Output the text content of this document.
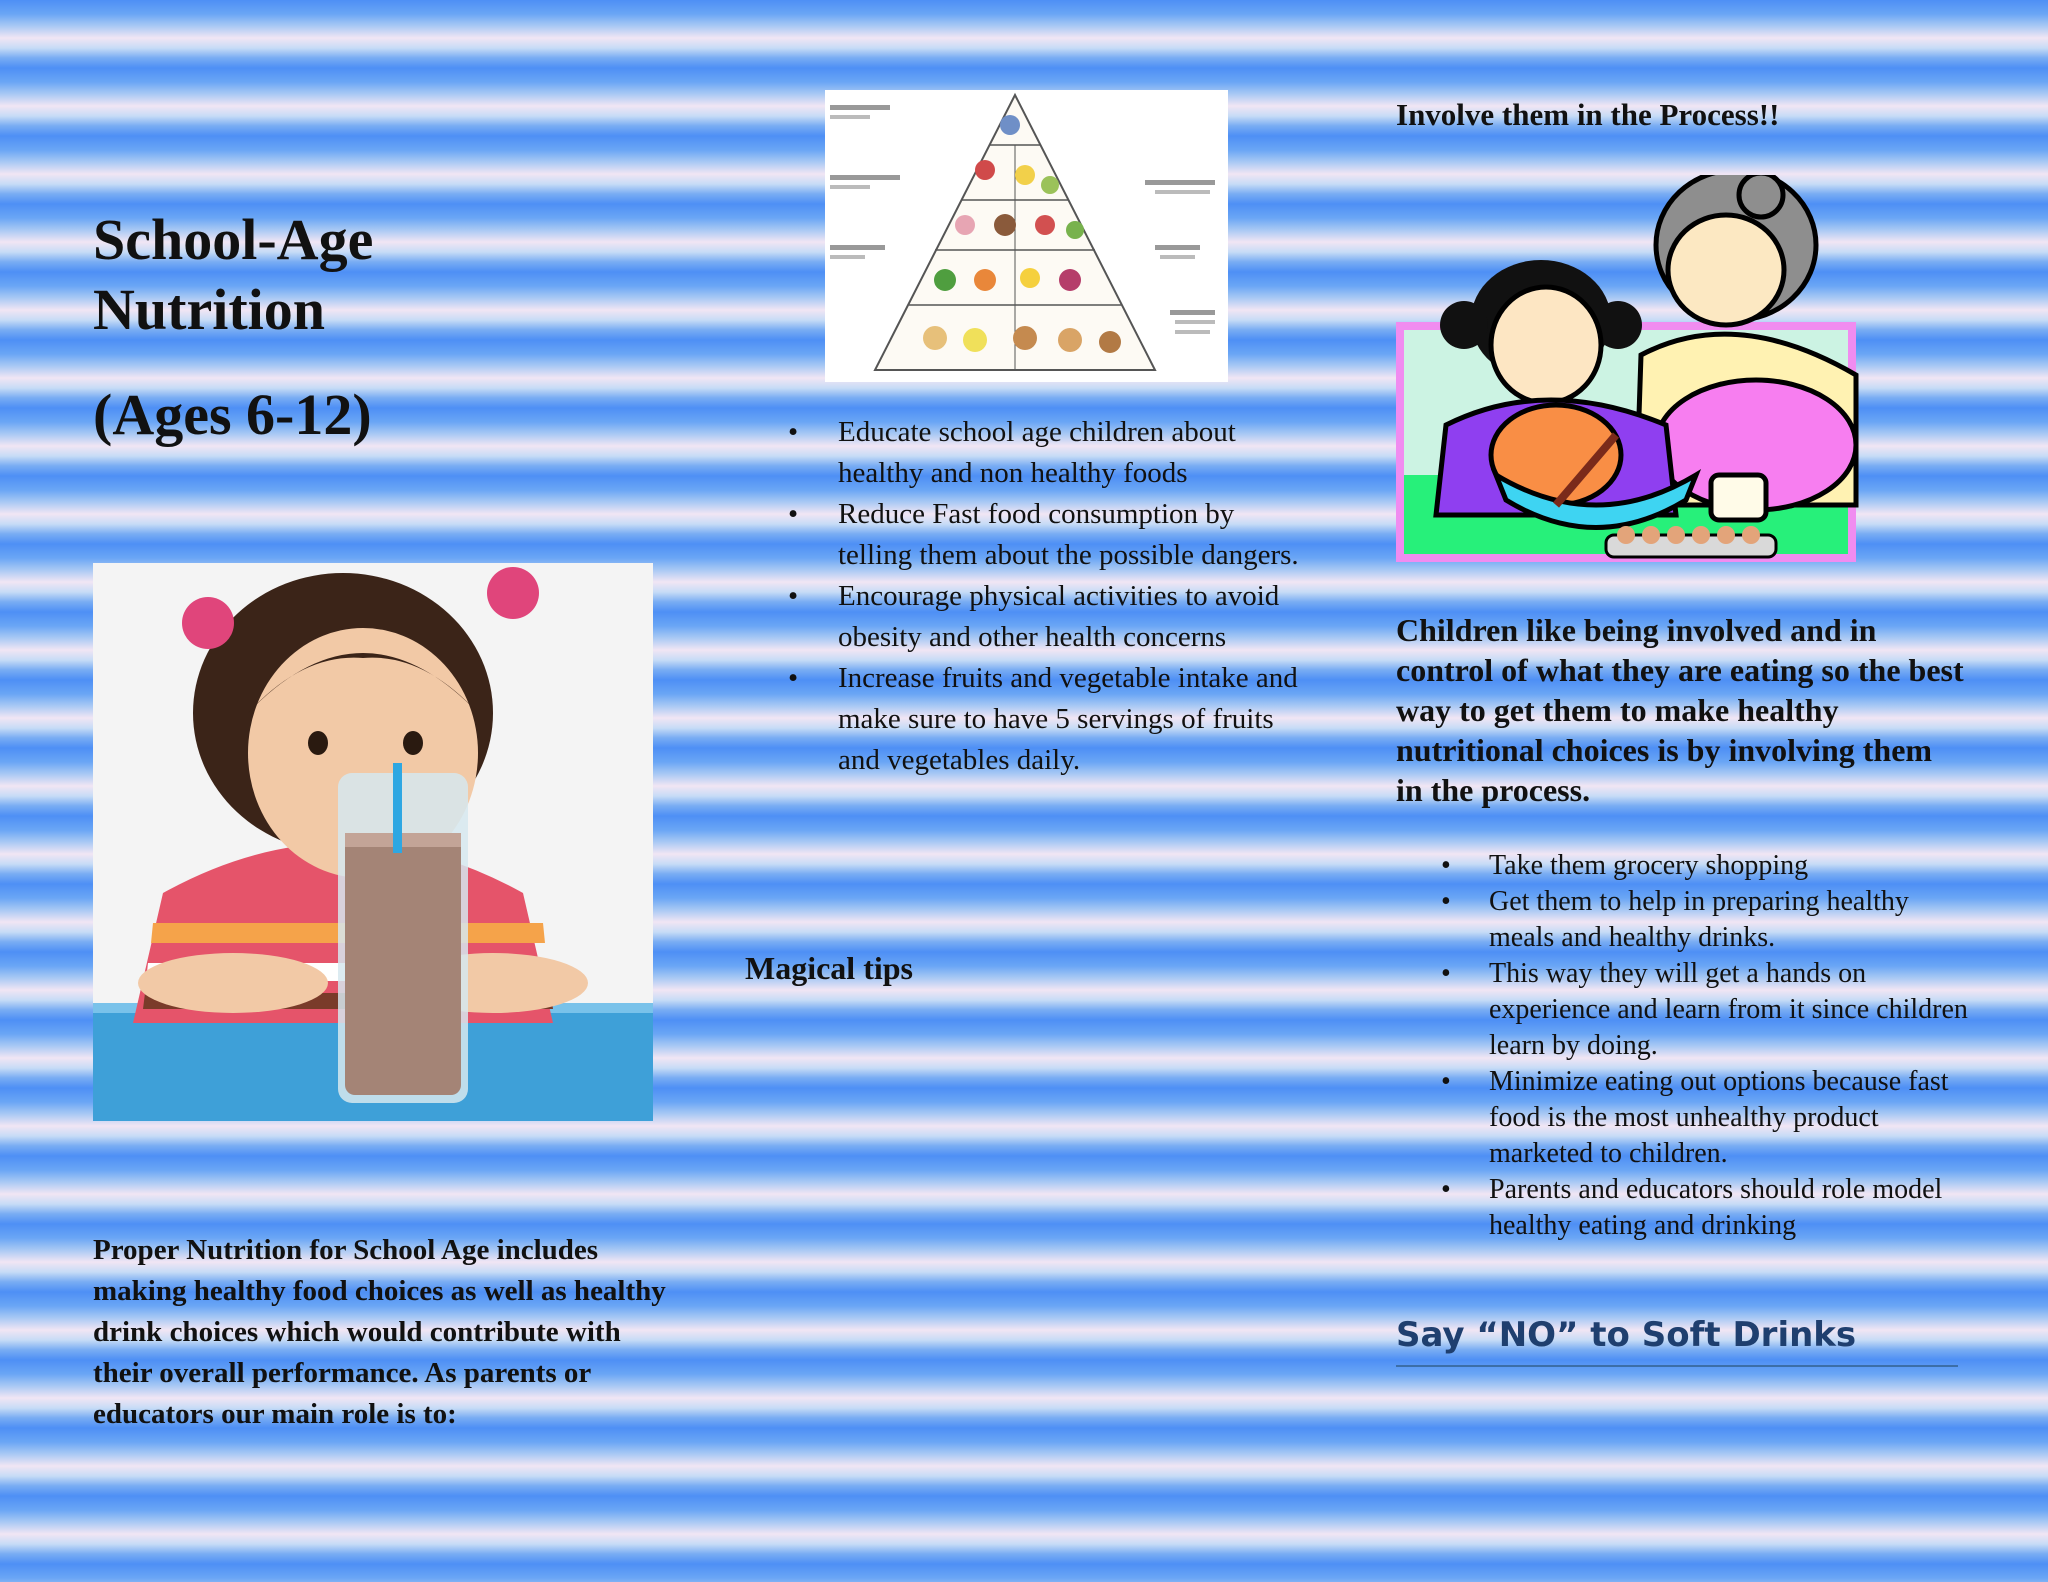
School-Age
Nutrition
(Ages 6-12)

Proper Nutrition for School Age includes making healthy food choices as well as healthy drink choices which would contribute with their overall performance. As parents or educators our main role is to:

• Educate school age children about healthy and non healthy foods
• Reduce Fast food consumption by telling them about the possible dangers.
• Encourage physical activities to avoid obesity and other health concerns
• Increase fruits and vegetable intake and make sure to have 5 servings of fruits and vegetables daily.
Magical tips
Involve them in the Process!!

Children like being involved and in control of what they are eating so the best way to get them to make healthy nutritional choices is by involving them in the process.

• Take them grocery shopping
• Get them to help in preparing healthy meals and healthy drinks.
• This way they will get a hands on experience and learn from it since children learn by doing.
• Minimize eating out options because fast food is the most unhealthy product marketed to children.
• Parents and educators should role model healthy eating and drinking
Say “NO” to Soft Drinks
